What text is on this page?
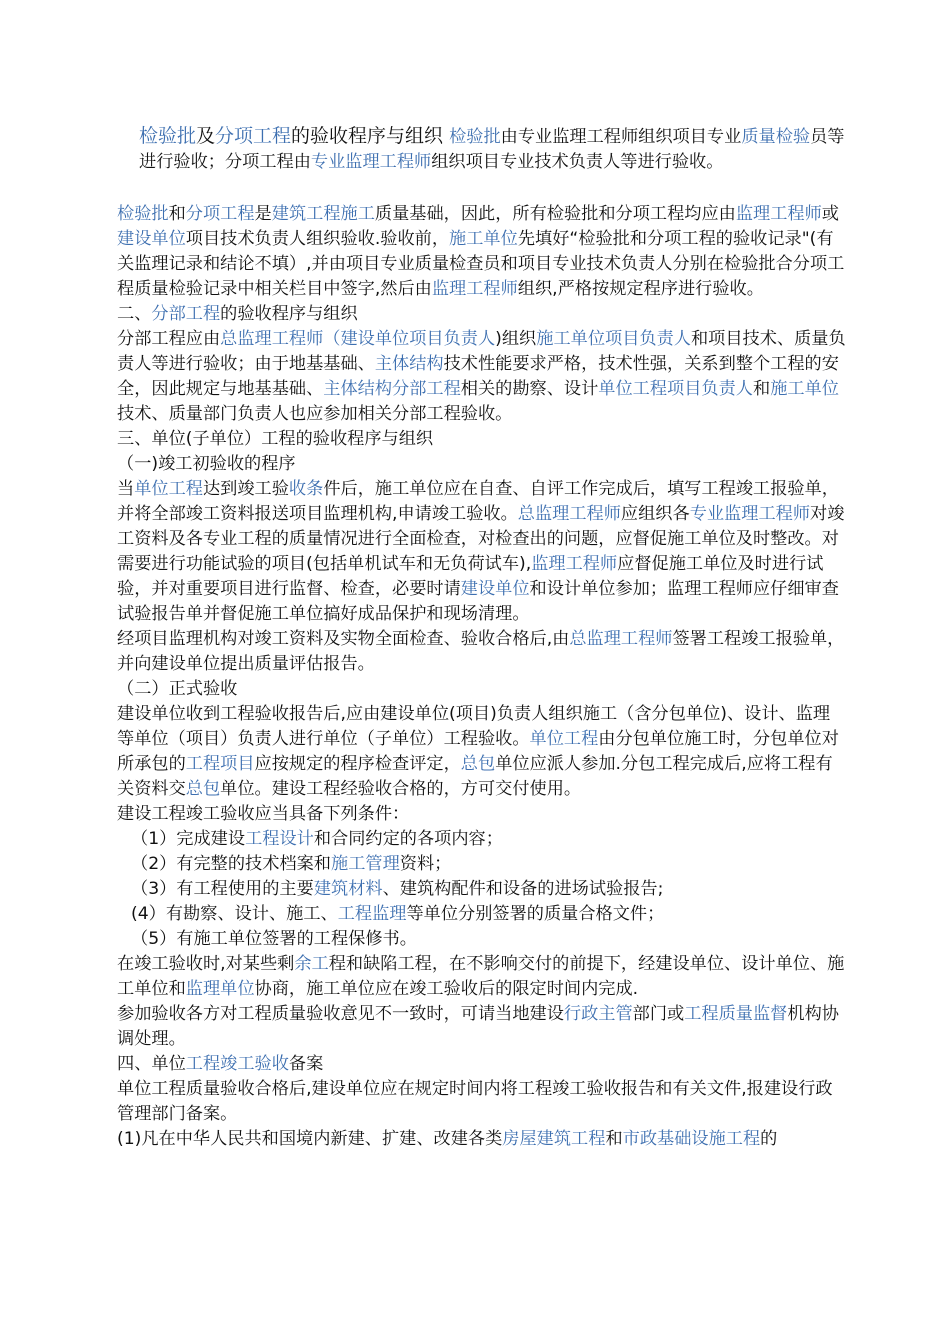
检验批及分项工程的验收程序与组织 检验批由专业监理工程师组织项目专业质量检验员等进行验收；分项工程由专业监理工程师组织项目专业技术负责人等进行验收。

检验批和分项工程是建筑工程施工质量基础，因此，所有检验批和分项工程均应由监理工程师或建设单位项目技术负责人组织验收.验收前，施工单位先填好“检验批和分项工程的验收记录"(有关监理记录和结论不填）,并由项目专业质量检查员和项目专业技术负责人分别在检验批合分项工程质量检验记录中相关栏目中签字,然后由监理工程师组织,严格按规定程序进行验收。

二、分部工程的验收程序与组织

分部工程应由总监理工程师（建设单位项目负责人)组织施工单位项目负责人和项目技术、质量负责人等进行验收；由于地基基础、主体结构技术性能要求严格，技术性强，关系到整个工程的安全，因此规定与地基基础、主体结构分部工程相关的勘察、设计单位工程项目负责人和施工单位技术、质量部门负责人也应参加相关分部工程验收。

三、单位(子单位）工程的验收程序与组织

（一)竣工初验收的程序

当单位工程达到竣工验收条件后，施工单位应在自查、自评工作完成后，填写工程竣工报验单，并将全部竣工资料报送项目监理机构,申请竣工验收。总监理工程师应组织各专业监理工程师对竣工资料及各专业工程的质量情况进行全面检查，对检查出的问题，应督促施工单位及时整改。对需要进行功能试验的项目(包括单机试车和无负荷试车),监理工程师应督促施工单位及时进行试验，并对重要项目进行监督、检查，必要时请建设单位和设计单位参加；监理工程师应仔细审查试验报告单并督促施工单位搞好成品保护和现场清理。

经项目监理机构对竣工资料及实物全面检查、验收合格后,由总监理工程师签署工程竣工报验单，并向建设单位提出质量评估报告。

（二）正式验收

建设单位收到工程验收报告后,应由建设单位(项目)负责人组织施工（含分包单位)、设计、监理等单位（项目）负责人进行单位（子单位）工程验收。单位工程由分包单位施工时，分包单位对所承包的工程项目应按规定的程序检查评定，总包单位应派人参加.分包工程完成后,应将工程有关资料交总包单位。建设工程经验收合格的，方可交付使用。

建设工程竣工验收应当具备下列条件：

（1）完成建设工程设计和合同约定的各项内容；

（2）有完整的技术档案和施工管理资料；

（3）有工程使用的主要建筑材料、建筑构配件和设备的进场试验报告;

(4）有勘察、设计、施工、工程监理等单位分别签署的质量合格文件；

（5）有施工单位签署的工程保修书。

在竣工验收时,对某些剩余工程和缺陷工程，在不影响交付的前提下，经建设单位、设计单位、施工单位和监理单位协商，施工单位应在竣工验收后的限定时间内完成.

参加验收各方对工程质量验收意见不一致时，可请当地建设行政主管部门或工程质量监督机构协调处理。

四、单位工程竣工验收备案

单位工程质量验收合格后,建设单位应在规定时间内将工程竣工验收报告和有关文件,报建设行政管理部门备案。

(1)凡在中华人民共和国境内新建、扩建、改建各类房屋建筑工程和市政基础设施工程的
